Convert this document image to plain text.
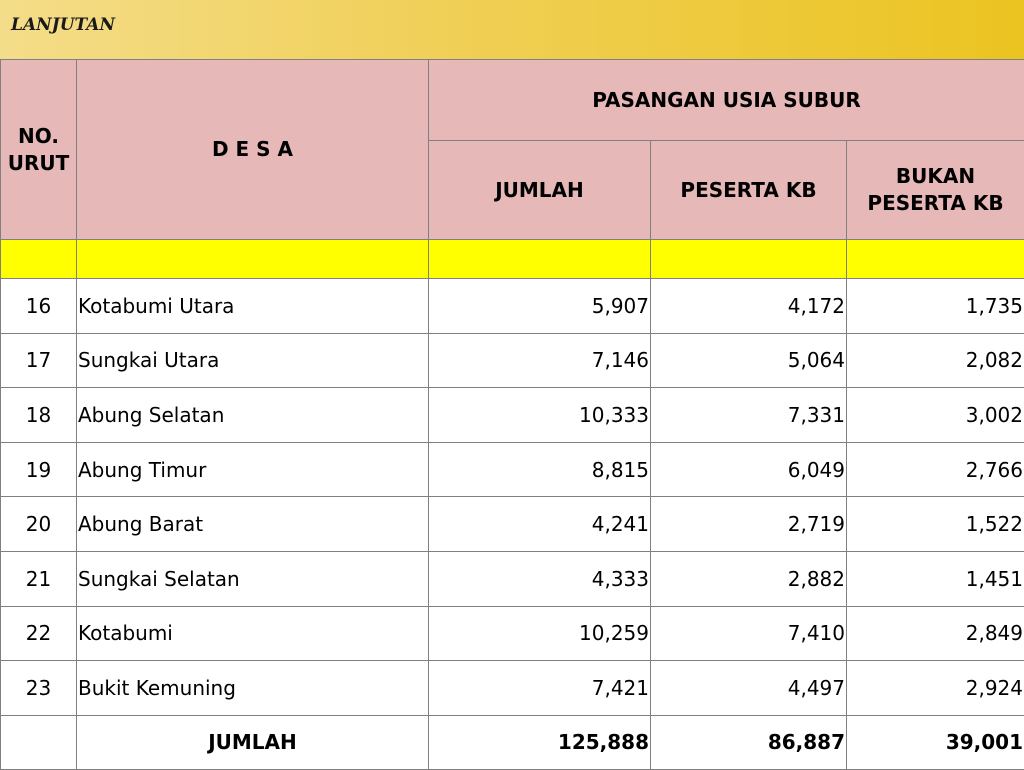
LANJUTAN
NO. URUT	D E S A	PASANGAN USIA SUBUR		
		JUMLAH	PESERTA KB	BUKAN PESERTA KB

16	Kotabumi Utara	5,907	4,172	1,735
17	Sungkai Utara	7,146	5,064	2,082
18	Abung Selatan	10,333	7,331	3,002
19	Abung Timur	8,815	6,049	2,766
20	Abung Barat	4,241	2,719	1,522
21	Sungkai Selatan	4,333	2,882	1,451
22	Kotabumi	10,259	7,410	2,849
23	Bukit Kemuning	7,421	4,497	2,924
	JUMLAH	125,888	86,887	39,001
